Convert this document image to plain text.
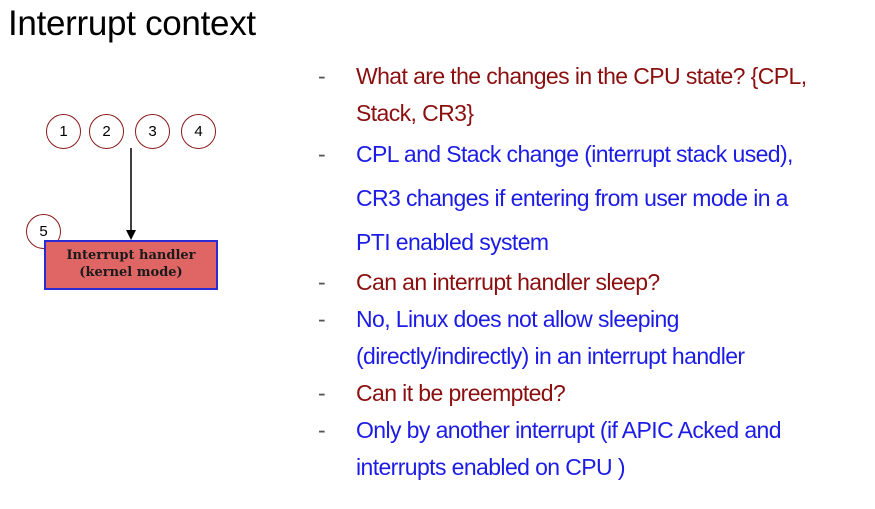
Interrupt context
1	2	3	4
5
Interrupt handler
(kernel mode)
- What are the changes in the CPU state? {CPL,
Stack, CR3}
- CPL and Stack change (interrupt stack used),
CR3 changes if entering from user mode in a
PTI enabled system
- Can an interrupt handler sleep?
- No, Linux does not allow sleeping
(directly/indirectly) in an interrupt handler
- Can it be preempted?
- Only by another interrupt (if APIC Acked and
interrupts enabled on CPU )
